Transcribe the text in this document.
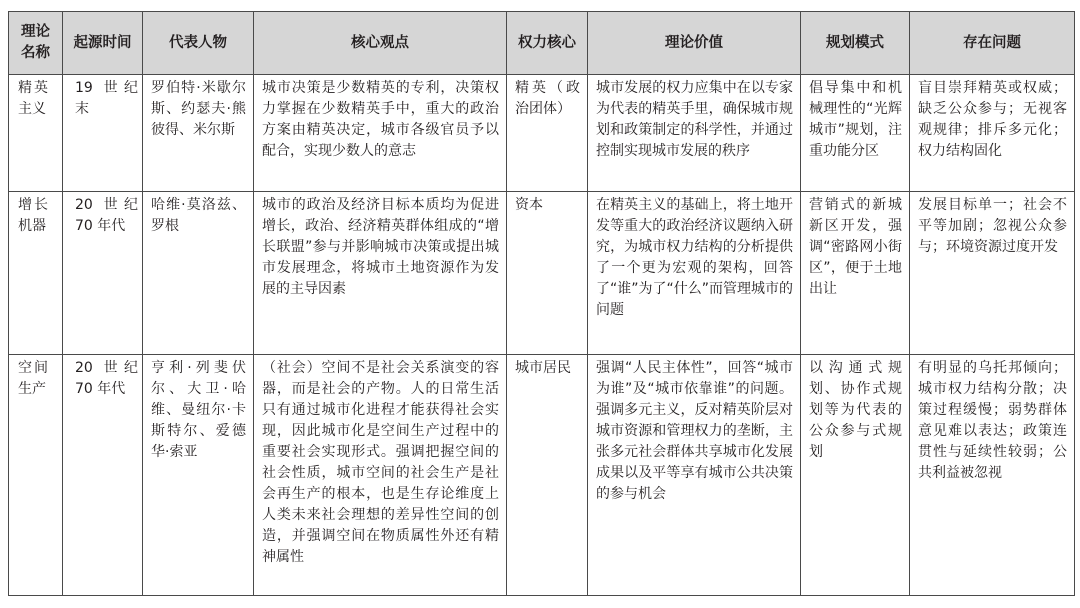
理论名称	起源时间	代表人物	核心观点	权力核心	理论价值	规划模式	存在问题

精英主义	19 世纪末	罗伯特·米歇尔斯、约瑟夫·熊彼得、米尔斯	城市决策是少数精英的专利，决策权力掌握在少数精英手中，重大的政治方案由精英决定，城市各级官员予以配合，实现少数人的意志	精英（政治团体）	城市发展的权力应集中在以专家为代表的精英手里，确保城市规划和政策制定的科学性，并通过控制实现城市发展的秩序	倡导集中和机械理性的“光辉城市”规划，注重功能分区	盲目崇拜精英或权威；缺乏公众参与；无视客观规律；排斥多元化；权力结构固化

增长机器	20 世纪 70 年代	哈维·莫洛兹、罗根	城市的政治及经济目标本质均为促进增长，政治、经济精英群体组成的“增长联盟”参与并影响城市决策或提出城市发展理念，将城市土地资源作为发展的主导因素	资本	在精英主义的基础上，将土地开发等重大的政治经济议题纳入研究，为城市权力结构的分析提供了一个更为宏观的架构，回答了“谁”为了“什么”而管理城市的问题	营销式的新城新区开发，强调“密路网小街区”，便于土地出让	发展目标单一；社会不平等加剧；忽视公众参与；环境资源过度开发

空间生产	20 世纪 70 年代	亨利·列斐伏尔、大卫·哈维、曼纽尔·卡斯特尔、爱德华·索亚	（社会）空间不是社会关系演变的容器，而是社会的产物。人的日常生活只有通过城市化进程才能获得社会实现，因此城市化是空间生产过程中的重要社会实现形式。强调把握空间的社会性质，城市空间的社会生产是社会再生产的根本，也是生存论维度上人类未来社会理想的差异性空间的创造，并强调空间在物质属性外还有精神属性	城市居民	强调“人民主体性”，回答“城市为谁”及“城市依靠谁”的问题。强调多元主义，反对精英阶层对城市资源和管理权力的垄断，主张多元社会群体共享城市化发展成果以及平等享有城市公共决策的参与机会	以沟通式规划、协作式规划等为代表的公众参与式规划	有明显的乌托邦倾向；城市权力结构分散；决策过程缓慢；弱势群体意见难以表达；政策连贯性与延续性较弱；公共利益被忽视
